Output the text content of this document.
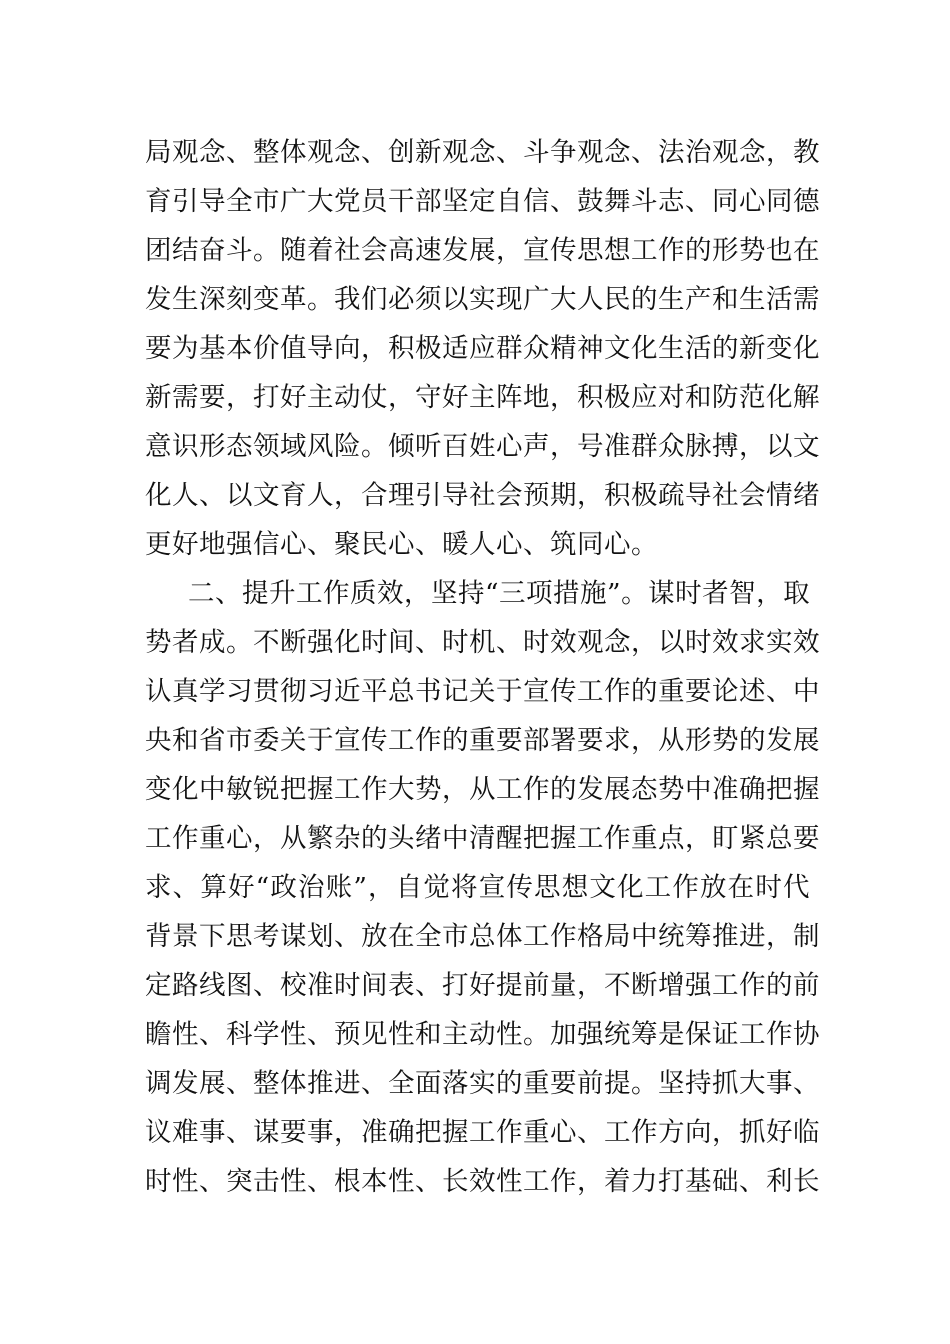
局观念、整体观念、创新观念、斗争观念、法治观念，教
育引导全市广大党员干部坚定自信、鼓舞斗志、同心同德
团结奋斗。随着社会高速发展，宣传思想工作的形势也在
发生深刻变革。我们必须以实现广大人民的生产和生活需
要为基本价值导向，积极适应群众精神文化生活的新变化
新需要，打好主动仗，守好主阵地，积极应对和防范化解
意识形态领域风险。倾听百姓心声，号准群众脉搏，以文
化人、以文育人，合理引导社会预期，积极疏导社会情绪
更好地强信心、聚民心、暖人心、筑同心。
二、提升工作质效，坚持“三项措施”。谋时者智，取
势者成。不断强化时间、时机、时效观念，以时效求实效
认真学习贯彻习近平总书记关于宣传工作的重要论述、中
央和省市委关于宣传工作的重要部署要求，从形势的发展
变化中敏锐把握工作大势，从工作的发展态势中准确把握
工作重心，从繁杂的头绪中清醒把握工作重点，盯紧总要
求、算好“政治账”，自觉将宣传思想文化工作放在时代
背景下思考谋划、放在全市总体工作格局中统筹推进，制
定路线图、校准时间表、打好提前量，不断增强工作的前
瞻性、科学性、预见性和主动性。加强统筹是保证工作协
调发展、整体推进、全面落实的重要前提。坚持抓大事、
议难事、谋要事，准确把握工作重心、工作方向，抓好临
时性、突击性、根本性、长效性工作，着力打基础、利长
